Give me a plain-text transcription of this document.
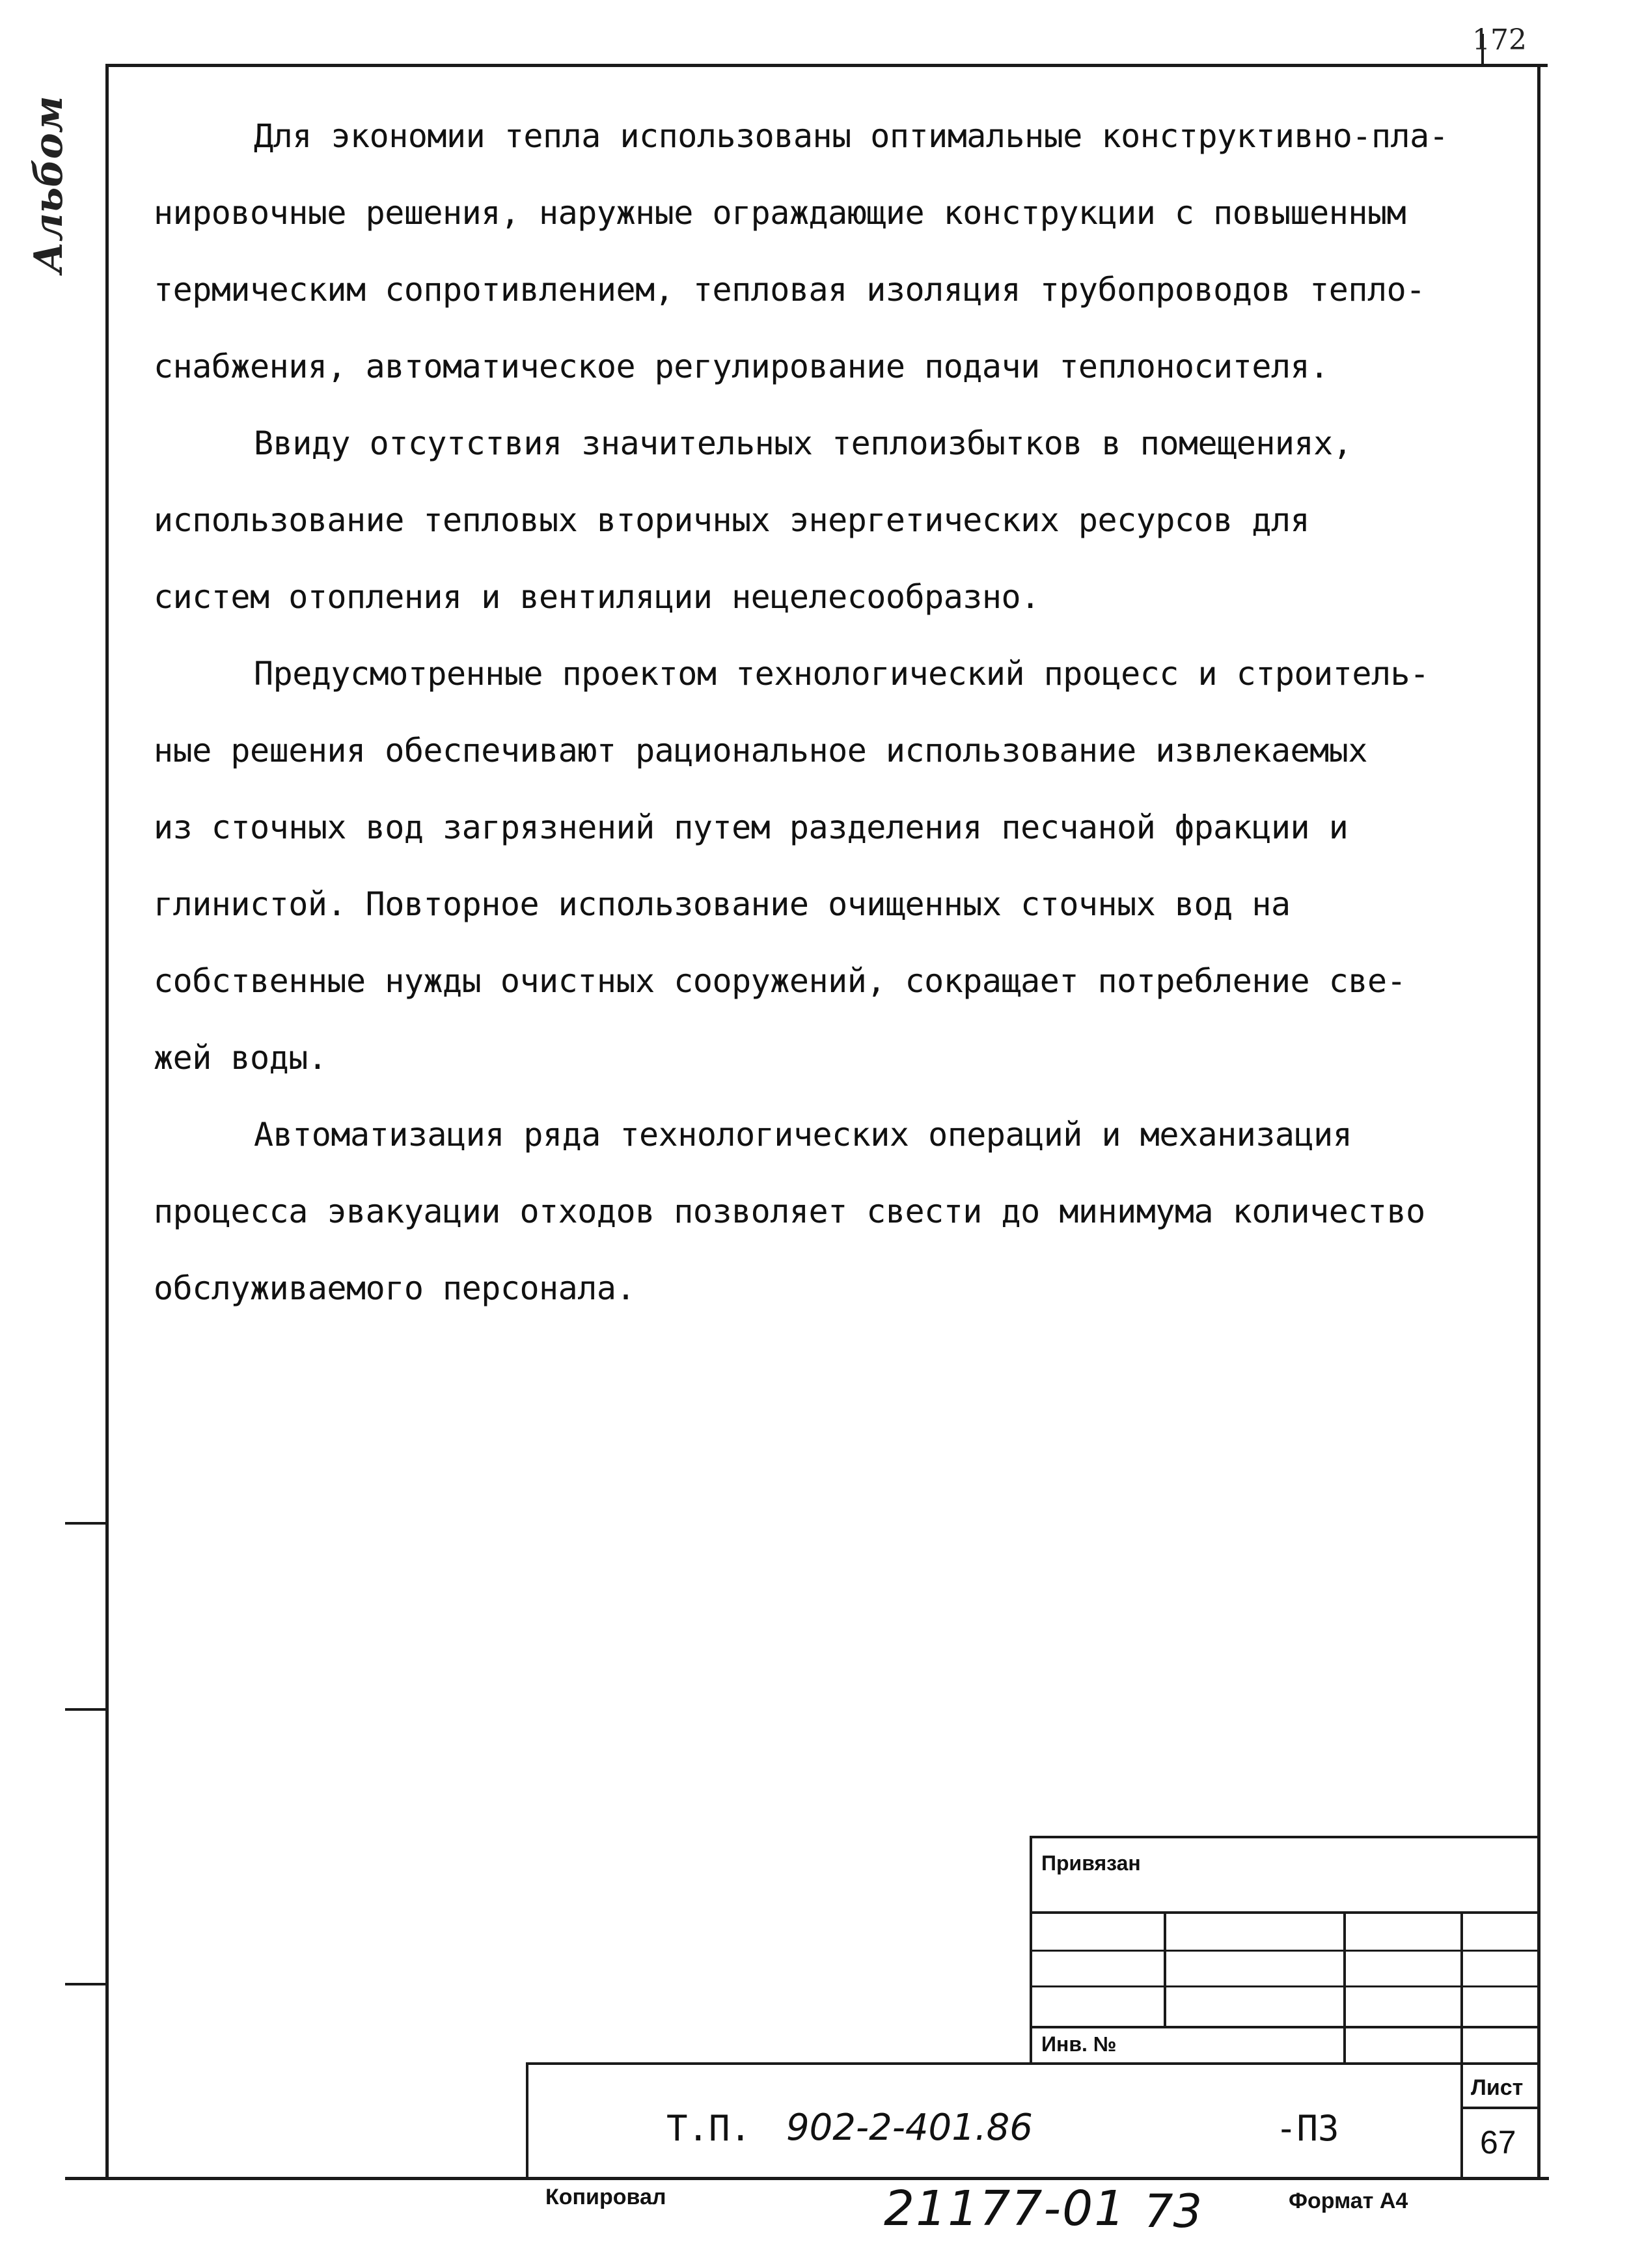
172
Альбом	Для экономии тепла использованы оптимальные конструктивно-пла-
нировочные решения, наружные ограждающие конструкции с повышенным
термическим сопротивлением, тепловая изоляция трубопроводов тепло-
снабжения, автоматическое регулирование подачи теплоносителя.
Ввиду отсутствия значительных теплоизбытков в помещениях,
использование тепловых вторичных энергетических ресурсов для
систем отопления и вентиляции нецелесообразно.
Предусмотренные проектом технологический процесс и строитель-
ные решения обеспечивают рациональное использование извлекаемых
из сточных вод загрязнений путем разделения песчаной фракции и
глинистой. Повторное использование очищенных сточных вод на
собственные нужды очистных сооружений, сокращает потребление све-
жей воды.
Автоматизация ряда технологических операций и механизация
процесса эвакуации отходов позволяет свести до минимума количество
обслуживаемого персонала.
Привязан
Инв. №
Т.П. 902-2-401.86	-ПЗ
Лист
67
Копировал	21177-01 73	Формат А4
